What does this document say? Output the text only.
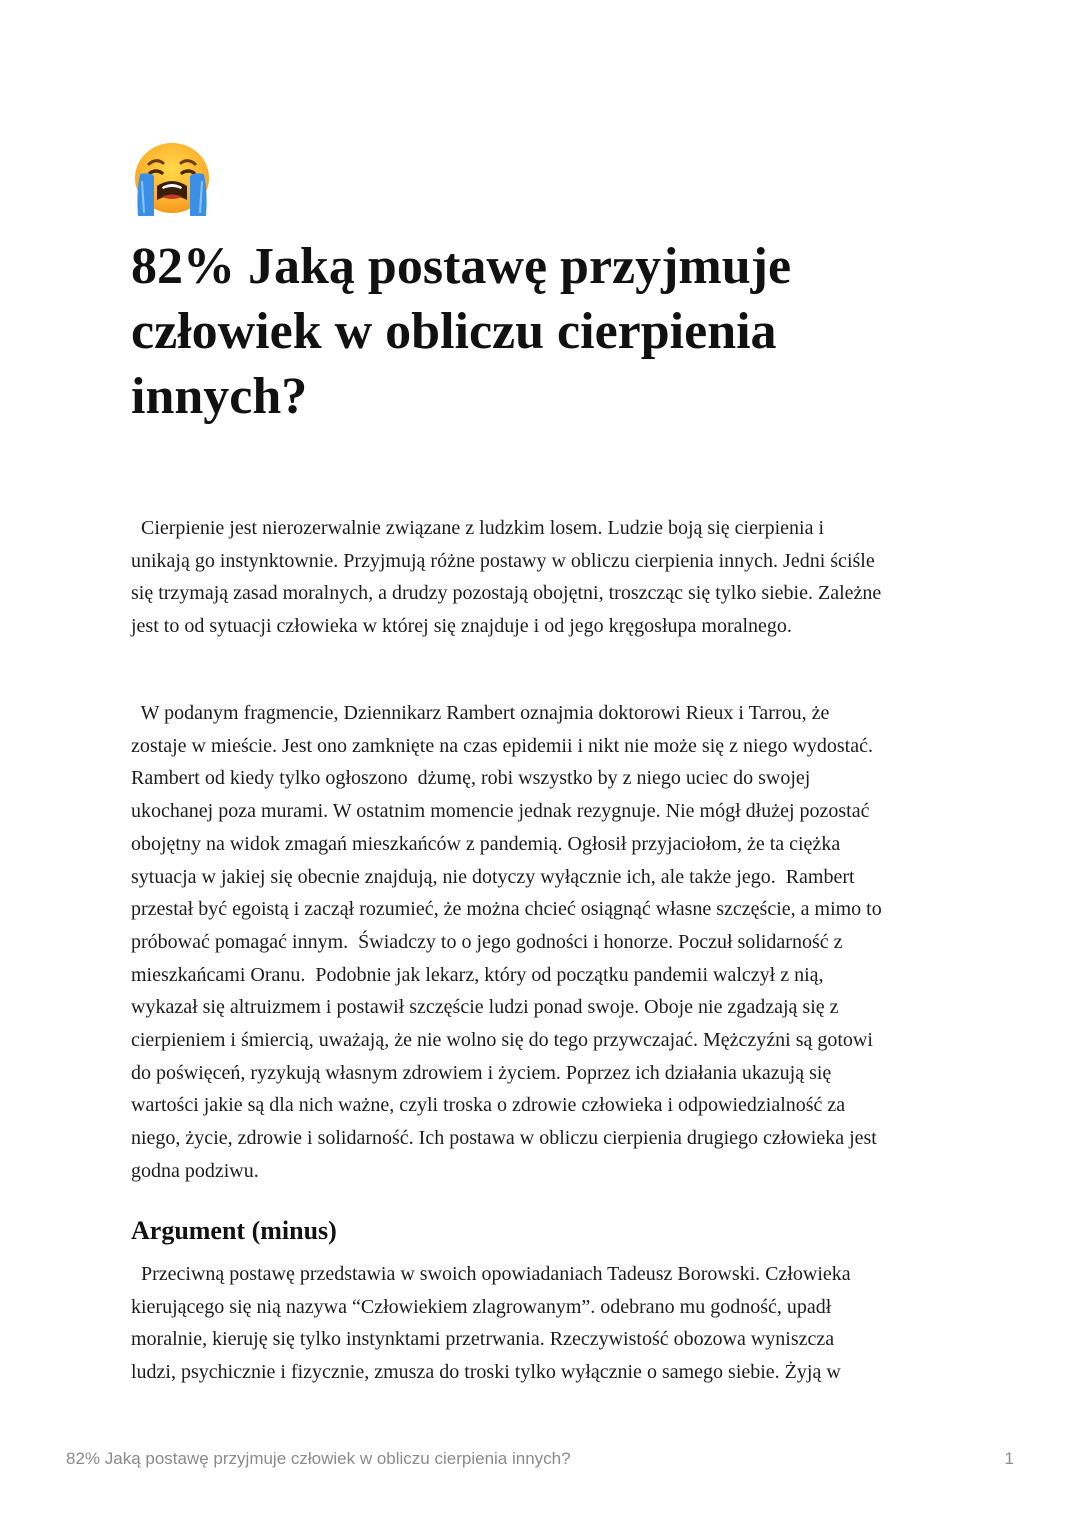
82% Jaką postawę przyjmuje
człowiek w obliczu cierpienia
innych?

Cierpienie jest nierozerwalnie związane z ludzkim losem. Ludzie boją się cierpienia i
unikają go instynktownie. Przyjmują różne postawy w obliczu cierpienia innych. Jedni ściśle
się trzymają zasad moralnych, a drudzy pozostają obojętni, troszcząc się tylko siebie. Zależne
jest to od sytuacji człowieka w której się znajduje i od jego kręgosłupa moralnego.

W podanym fragmencie, Dziennikarz Rambert oznajmia doktorowi Rieux i Tarrou, że
zostaje w mieście. Jest ono zamknięte na czas epidemii i nikt nie może się z niego wydostać.
Rambert od kiedy tylko ogłoszono  dżumę, robi wszystko by z niego uciec do swojej
ukochanej poza murami. W ostatnim momencie jednak rezygnuje. Nie mógł dłużej pozostać
obojętny na widok zmagań mieszkańców z pandemią. Ogłosił przyjaciołom, że ta ciężka
sytuacja w jakiej się obecnie znajdują, nie dotyczy wyłącznie ich, ale także jego.  Rambert
przestał być egoistą i zaczął rozumieć, że można chcieć osiągnąć własne szczęście, a mimo to
próbować pomagać innym.  Świadczy to o jego godności i honorze. Poczuł solidarność z
mieszkańcami Oranu.  Podobnie jak lekarz, który od początku pandemii walczył z nią,
wykazał się altruizmem i postawił szczęście ludzi ponad swoje. Oboje nie zgadzają się z
cierpieniem i śmiercią, uważają, że nie wolno się do tego przywczajać. Mężczyźni są gotowi
do poświęceń, ryzykują własnym zdrowiem i życiem. Poprzez ich działania ukazują się
wartości jakie są dla nich ważne, czyli troska o zdrowie człowieka i odpowiedzialność za
niego, życie, zdrowie i solidarność. Ich postawa w obliczu cierpienia drugiego człowieka jest
godna podziwu.

Argument (minus)

Przeciwną postawę przedstawia w swoich opowiadaniach Tadeusz Borowski. Człowieka
kierującego się nią nazywa “Człowiekiem zlagrowanym”. odebrano mu godność, upadł
moralnie, kieruję się tylko instynktami przetrwania. Rzeczywistość obozowa wyniszcza
ludzi, psychicznie i fizycznie, zmusza do troski tylko wyłącznie o samego siebie. Żyją w

82% Jaką postawę przyjmuje człowiek w obliczu cierpienia innych?	1
